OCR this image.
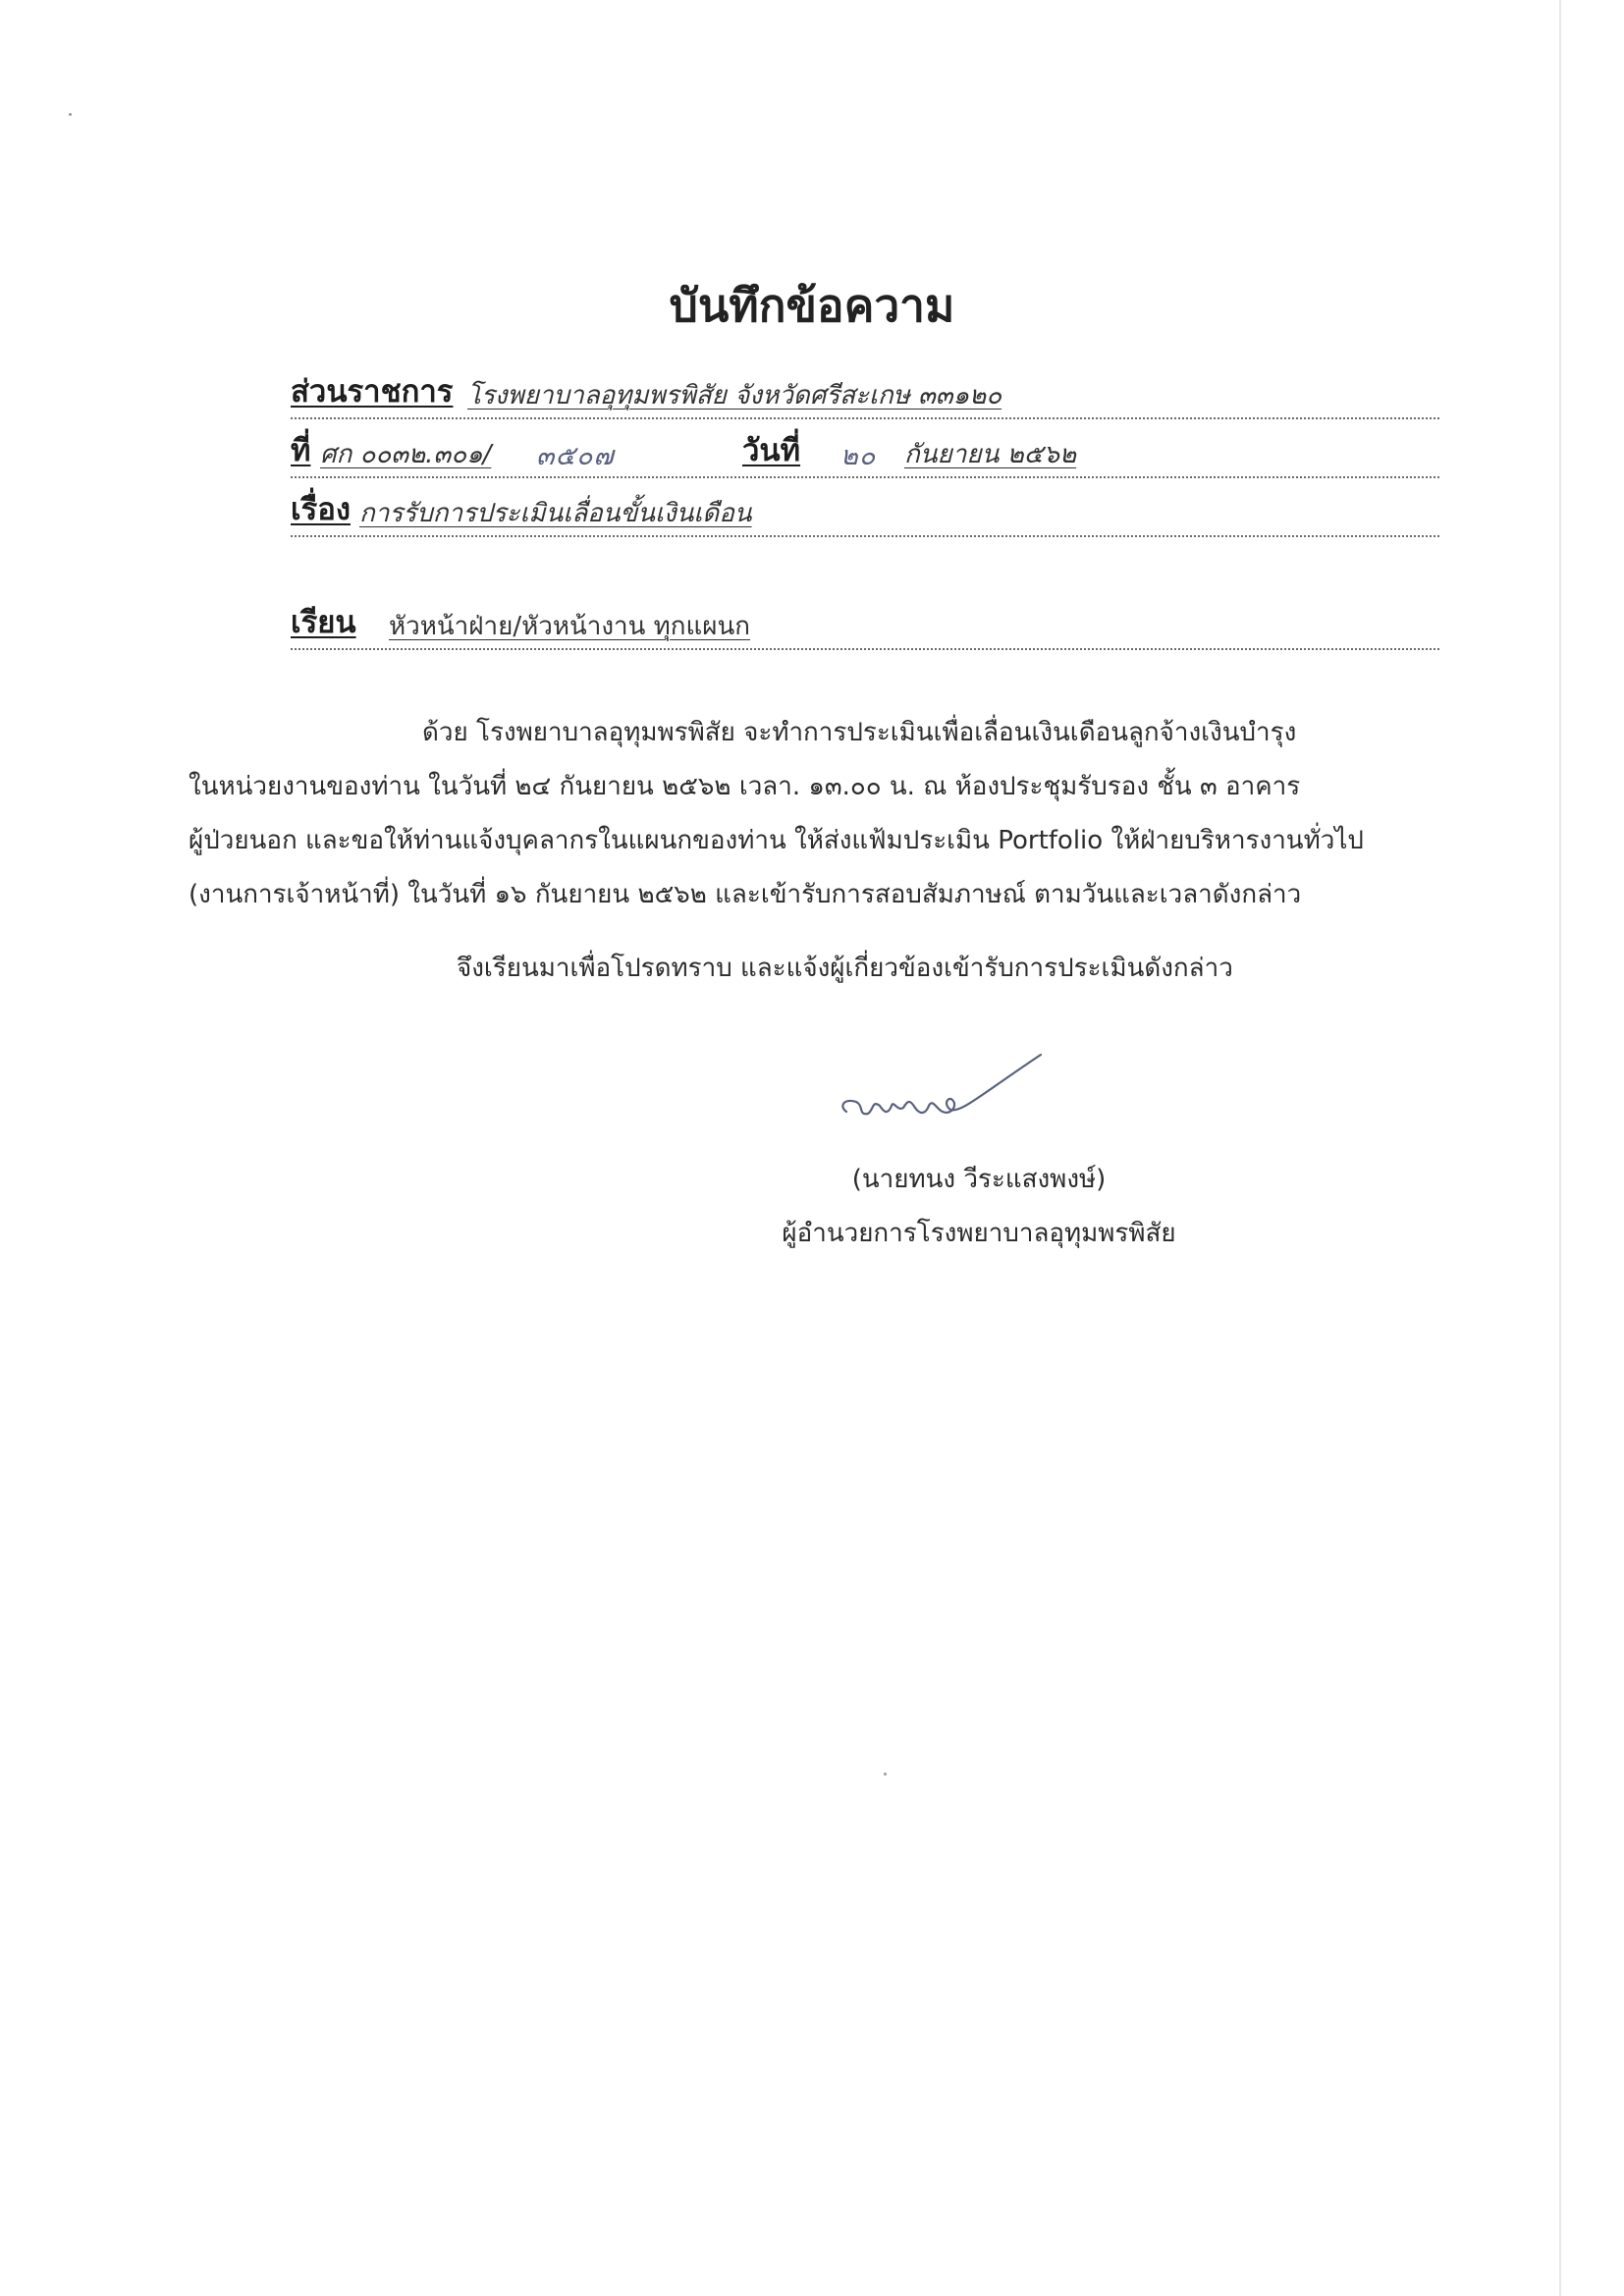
บันทึกข้อความ
ส่วนราชการ โรงพยาบาลอุทุมพรพิสัย จังหวัดศรีสะเกษ ๓๓๑๒๐
ที่ ศก ๐๐๓๒.๓๐๑/ ๓๕๐๗	วันที่ ๒๐ กันยายน ๒๕๖๒
เรื่อง การรับการประเมินเลื่อนขั้นเงินเดือน
เรียน หัวหน้าฝ่าย/หัวหน้างาน ทุกแผนก
ด้วย โรงพยาบาลอุทุมพรพิสัย จะทำการประเมินเพื่อเลื่อนเงินเดือนลูกจ้างเงินบำรุง
ในหน่วยงานของท่าน ในวันที่ ๒๔ กันยายน ๒๕๖๒ เวลา. ๑๓.๐๐ น. ณ ห้องประชุมรับรอง ชั้น ๓ อาคาร
ผู้ป่วยนอก และขอให้ท่านแจ้งบุคลากรในแผนกของท่าน ให้ส่งแฟ้มประเมิน Portfolio ให้ฝ่ายบริหารงานทั่วไป
(งานการเจ้าหน้าที่) ในวันที่ ๑๖ กันยายน ๒๕๖๒ และเข้ารับการสอบสัมภาษณ์ ตามวันและเวลาดังกล่าว
จึงเรียนมาเพื่อโปรดทราบ และแจ้งผู้เกี่ยวข้องเข้ารับการประเมินดังกล่าว
(นายทนง วีระแสงพงษ์)
ผู้อำนวยการโรงพยาบาลอุทุมพรพิสัย
